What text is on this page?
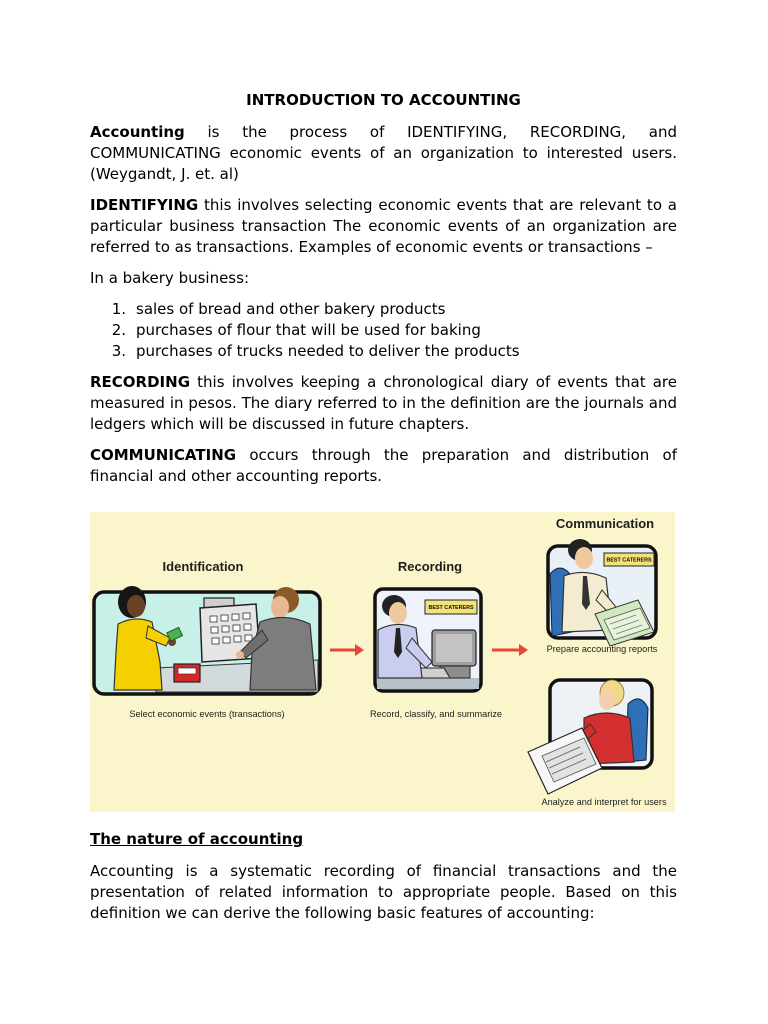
INTRODUCTION TO ACCOUNTING

Accounting is the process of IDENTIFYING, RECORDING, and COMMUNICATING economic events of an organization to interested users. (Weygandt, J. et. al)

IDENTIFYING this involves selecting economic events that are relevant to a particular business transaction The economic events of an organization are referred to as transactions. Examples of economic events or transactions –

In a bakery business:

1. sales of bread and other bakery products
2. purchases of flour that will be used for baking
3. purchases of trucks needed to deliver the products

RECORDING this involves keeping a chronological diary of events that are measured in pesos. The diary referred to in the definition are the journals and ledgers which will be discussed in future chapters.

COMMUNICATING occurs through the preparation and distribution of financial and other accounting reports.

Communication
Identification	Recording
Select economic events (transactions)
BEST CATERERS
Record, classify, and summarize
BEST CATERERS
Prepare accounting reports
Analyze and interpret for users
The nature of accounting

Accounting is a systematic recording of financial transactions and the presentation of related information to appropriate people. Based on this definition we can derive the following basic features of accounting:
